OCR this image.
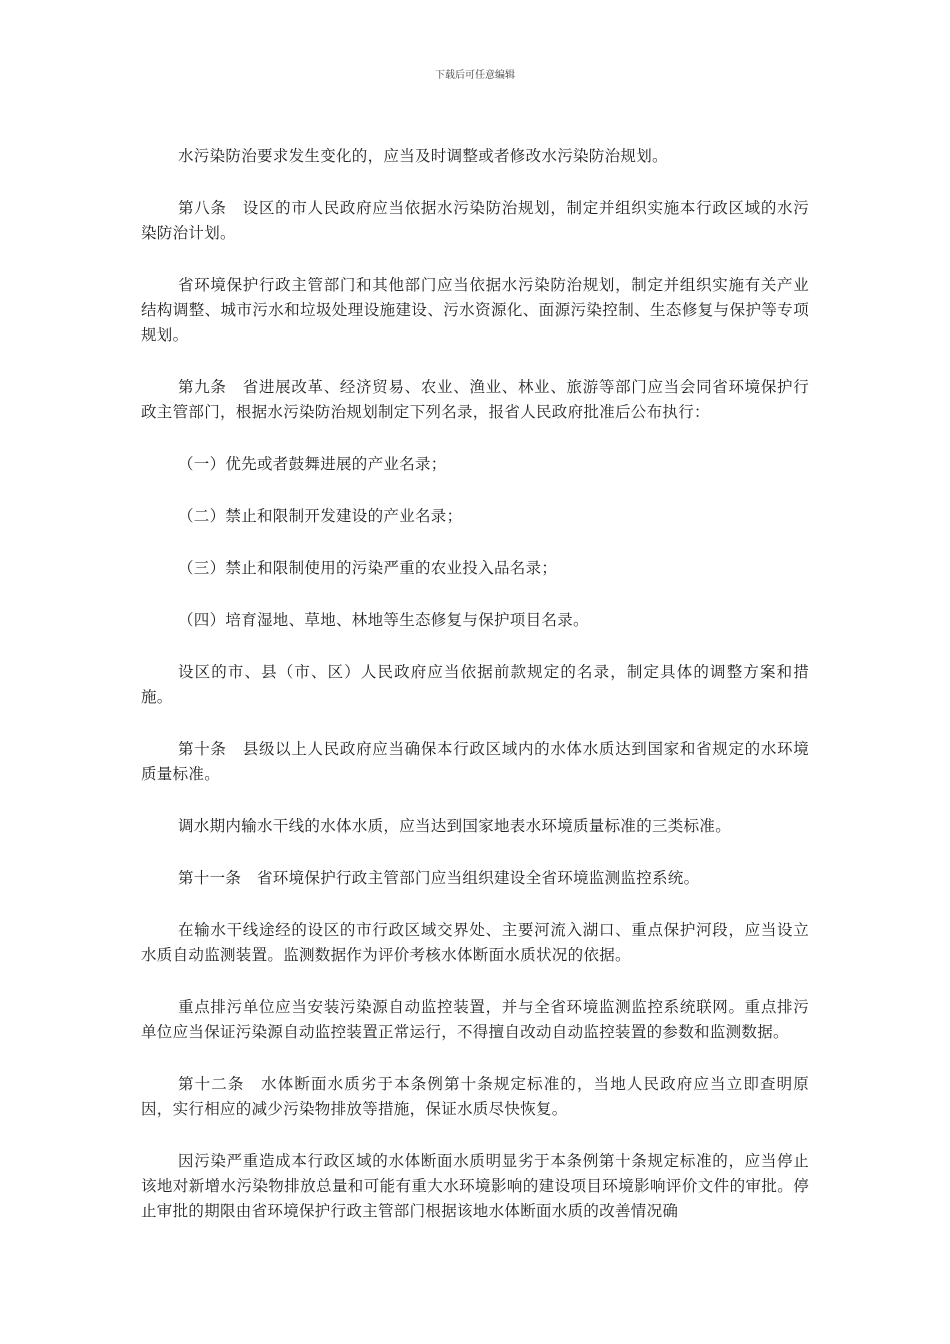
下载后可任意编辑

水污染防治要求发生变化的，应当及时调整或者修改水污染防治规划。

第八条　设区的市人民政府应当依据水污染防治规划，制定并组织实施本行政区域的水污染防治计划。

省环境保护行政主管部门和其他部门应当依据水污染防治规划，制定并组织实施有关产业结构调整、城市污水和垃圾处理设施建设、污水资源化、面源污染控制、生态修复与保护等专项规划。

第九条　省进展改革、经济贸易、农业、渔业、林业、旅游等部门应当会同省环境保护行政主管部门，根据水污染防治规划制定下列名录，报省人民政府批准后公布执行：

（一）优先或者鼓舞进展的产业名录；

（二）禁止和限制开发建设的产业名录；

（三）禁止和限制使用的污染严重的农业投入品名录；

（四）培育湿地、草地、林地等生态修复与保护项目名录。

设区的市、县（市、区）人民政府应当依据前款规定的名录，制定具体的调整方案和措施。

第十条　县级以上人民政府应当确保本行政区域内的水体水质达到国家和省规定的水环境质量标准。

调水期内输水干线的水体水质，应当达到国家地表水环境质量标准的三类标准。

第十一条　省环境保护行政主管部门应当组织建设全省环境监测监控系统。

在输水干线途经的设区的市行政区域交界处、主要河流入湖口、重点保护河段，应当设立水质自动监测装置。监测数据作为评价考核水体断面水质状况的依据。

重点排污单位应当安装污染源自动监控装置，并与全省环境监测监控系统联网。重点排污单位应当保证污染源自动监控装置正常运行，不得擅自改动自动监控装置的参数和监测数据。

第十二条　水体断面水质劣于本条例第十条规定标准的，当地人民政府应当立即查明原因，实行相应的减少污染物排放等措施，保证水质尽快恢复。

因污染严重造成本行政区域的水体断面水质明显劣于本条例第十条规定标准的，应当停止该地对新增水污染物排放总量和可能有重大水环境影响的建设项目环境影响评价文件的审批。停止审批的期限由省环境保护行政主管部门根据该地水体断面水质的改善情况确
